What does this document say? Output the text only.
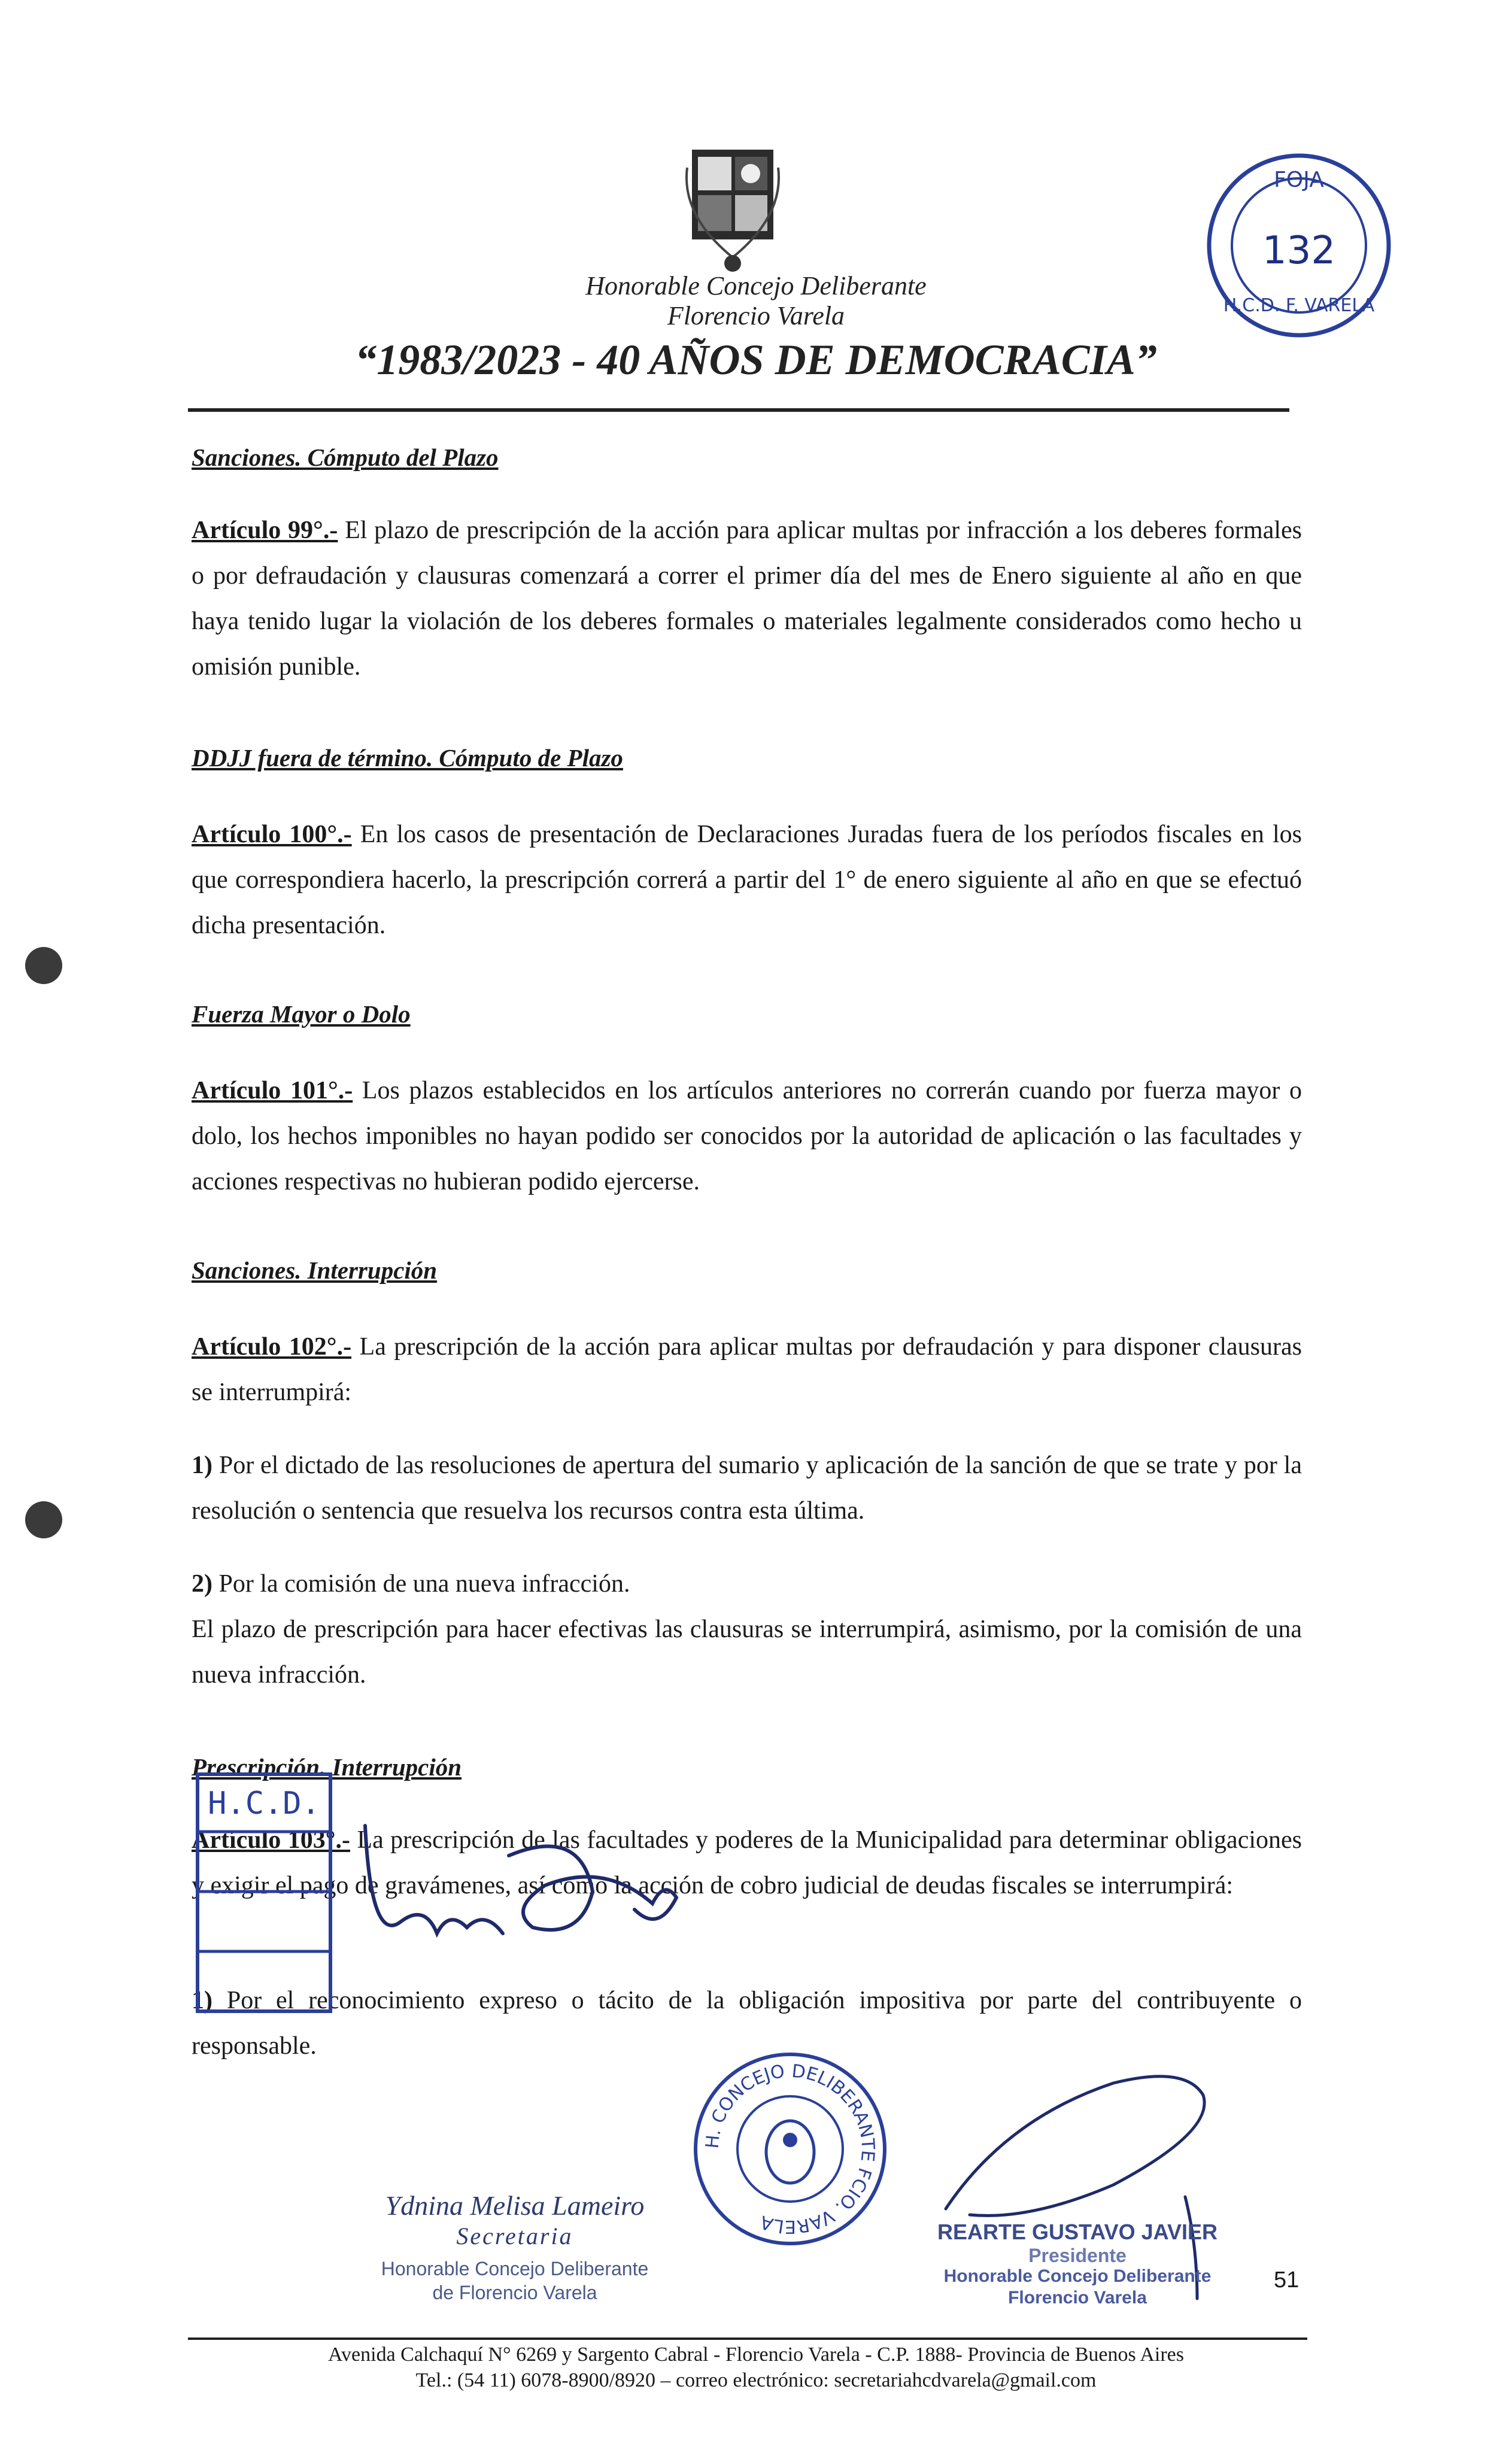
Honorable Concejo Deliberante
Florencio Varela
“1983/2023 - 40 AÑOS DE DEMOCRACIA”
FOJA
132
H.C.D. F. VARELA
Sanciones. Cómputo del Plazo
Artículo 99°.- El plazo de prescripción de la acción para aplicar multas por infracción a los deberes formales o por defraudación y clausuras comenzará a correr el primer día del mes de Enero siguiente al año en que haya tenido lugar la violación de los deberes formales o materiales legalmente considerados como hecho u omisión punible.
DDJJ fuera de término. Cómputo de Plazo
Artículo 100°.- En los casos de presentación de Declaraciones Juradas fuera de los períodos fiscales en los que correspondiera hacerlo, la prescripción correrá a partir del 1° de enero siguiente al año en que se efectuó dicha presentación.
Fuerza Mayor o Dolo
Artículo 101°.- Los plazos establecidos en los artículos anteriores no correrán cuando por fuerza mayor o dolo, los hechos imponibles no hayan podido ser conocidos por la autoridad de aplicación o las facultades y acciones respectivas no hubieran podido ejercerse.
Sanciones. Interrupción
Artículo 102°.- La prescripción de la acción para aplicar multas por defraudación y para disponer clausuras se interrumpirá:
1) Por el dictado de las resoluciones de apertura del sumario y aplicación de la sanción de que se trate y por la resolución o sentencia que resuelva los recursos contra esta última.
2) Por la comisión de una nueva infracción.
El plazo de prescripción para hacer efectivas las clausuras se interrumpirá, asimismo, por la comisión de una nueva infracción.
Prescripción. Interrupción
Artículo 103°.- La prescripción de las facultades y poderes de la Municipalidad para determinar obligaciones y exigir el pago de gravámenes, así como la acción de cobro judicial de deudas fiscales se interrumpirá:
1) Por el reconocimiento expreso o tácito de la obligación impositiva por parte del contribuyente o responsable.
H.C.D.
Ydnina Melisa Lameiro
Secretaria
Honorable Concejo Deliberante
de Florencio Varela
H. CONCEJO DELIBERANTE FCIO. VARELA	REARTE GUSTAVO JAVIER
Presidente
Honorable Concejo Deliberante
Florencio Varela
51
Avenida Calchaquí N° 6269 y Sargento Cabral - Florencio Varela - C.P. 1888- Provincia de Buenos Aires
Tel.: (54 11) 6078-8900/8920 – correo electrónico: secretariahcdvarela@gmail.com
